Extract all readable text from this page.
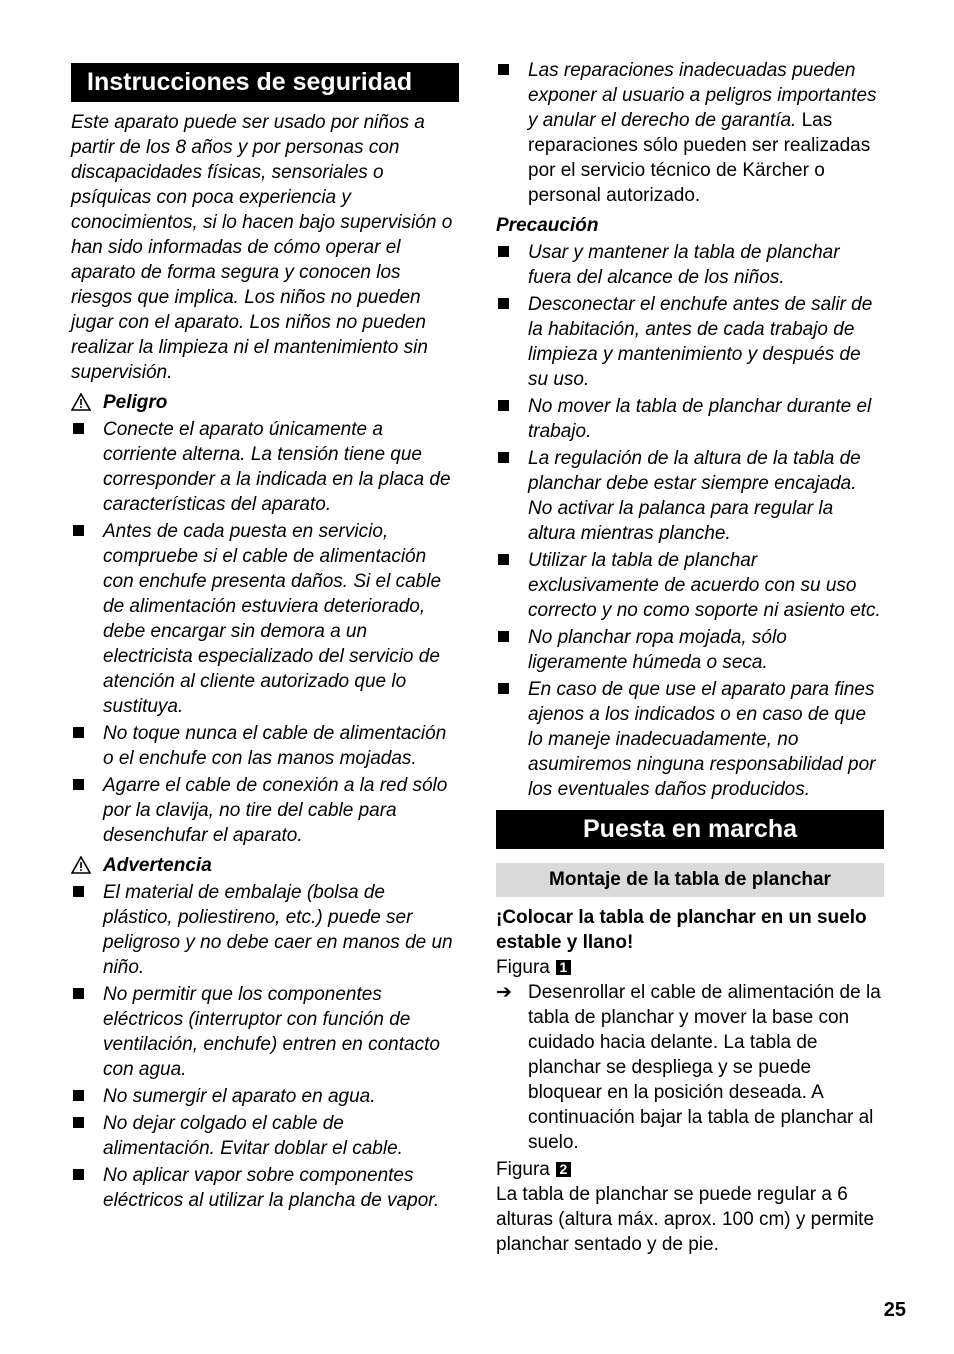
Instrucciones de seguridad

Este aparato puede ser usado por niños a partir de los 8 años y por personas con discapacidades físicas, sensoriales o psíquicas con poca experiencia y conocimientos, si lo hacen bajo supervisión o han sido informadas de cómo operar el aparato de forma segura y conocen los riesgos que implica. Los niños no pueden jugar con el aparato. Los niños no pueden realizar la limpieza ni el mantenimiento sin supervisión.

Peligro
Conecte el aparato únicamente a corriente alterna. La tensión tiene que corresponder a la indicada en la placa de características del aparato.
Antes de cada puesta en servicio, compruebe si el cable de alimentación con enchufe presenta daños. Si el cable de alimentación estuviera deteriorado, debe encargar sin demora a un electricista especializado del servicio de atención al cliente autorizado que lo sustituya.
No toque nunca el cable de alimentación o el enchufe con las manos mojadas.
Agarre el cable de conexión a la red sólo por la clavija, no tire del cable para desenchufar el aparato.
Advertencia
El material de embalaje (bolsa de plástico, poliestireno, etc.) puede ser peligroso y no debe caer en manos de un niño.
No permitir que los componentes eléctricos (interruptor con función de ventilación, enchufe) entren en contacto con agua.
No sumergir el aparato en agua.
No dejar colgado el cable de alimentación. Evitar doblar el cable.
No aplicar vapor sobre componentes eléctricos al utilizar la plancha de vapor.
Las reparaciones inadecuadas pueden exponer al usuario a peligros importantes y anular el derecho de garantía. Las reparaciones sólo pueden ser realizadas por el servicio técnico de Kärcher o personal autorizado.

Precaución

Usar y mantener la tabla de planchar fuera del alcance de los niños.
Desconectar el enchufe antes de salir de la habitación, antes de cada trabajo de limpieza y mantenimiento y después de su uso.
No mover la tabla de planchar durante el trabajo.
La regulación de la altura de la tabla de planchar debe estar siempre encajada. No activar la palanca para regular la altura mientras planche.
Utilizar la tabla de planchar exclusivamente de acuerdo con su uso correcto y no como soporte ni asiento etc.
No planchar ropa mojada, sólo ligeramente húmeda o seca.
En caso de que use el aparato para fines ajenos a los indicados o en caso de que lo maneje inadecuadamente, no asumiremos ninguna responsabilidad por los eventuales daños producidos.
Puesta en marcha
Montaje de la tabla de planchar

¡Colocar la tabla de planchar en un suelo estable y llano!

Figura 1

➔ Desenrollar el cable de alimentación de la tabla de planchar y mover la base con cuidado hacia delante. La tabla de planchar se despliega y se puede bloquear en la posición deseada. A continuación bajar la tabla de planchar al suelo.

Figura 2

La tabla de planchar se puede regular a 6 alturas (altura máx. aprox. 100 cm) y permite planchar sentado y de pie.

25
